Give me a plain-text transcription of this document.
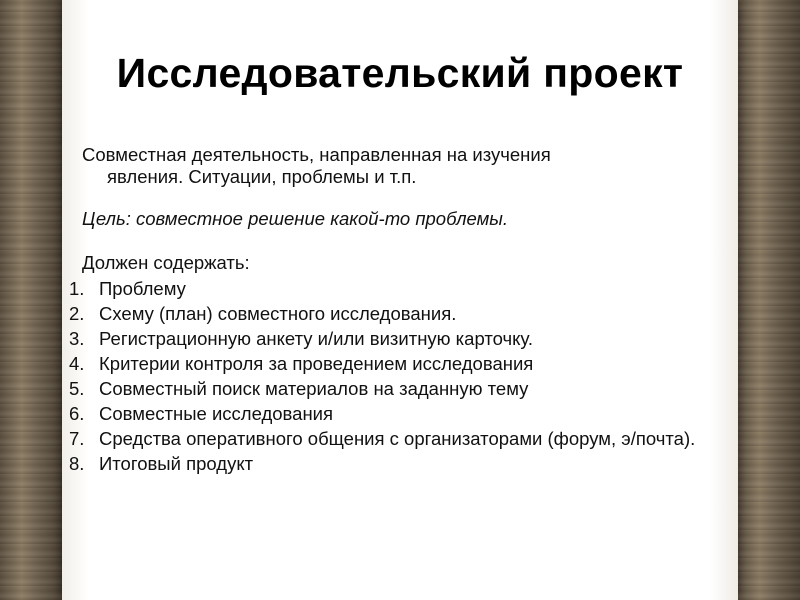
Исследовательский проект

Совместная деятельность, направленная на изучения

явления. Ситуации, проблемы и т.п.

Цель: совместное решение какой-то проблемы.

Должен содержать:

1. Проблему
2. Схему (план) совместного исследования.
3. Регистрационную анкету и/или визитную карточку.
4. Критерии контроля за проведением исследования
5. Совместный поиск материалов на заданную тему
6. Совместные исследования
7. Средства оперативного общения с организаторами (форум, э/почта).
8. Итоговый продукт
